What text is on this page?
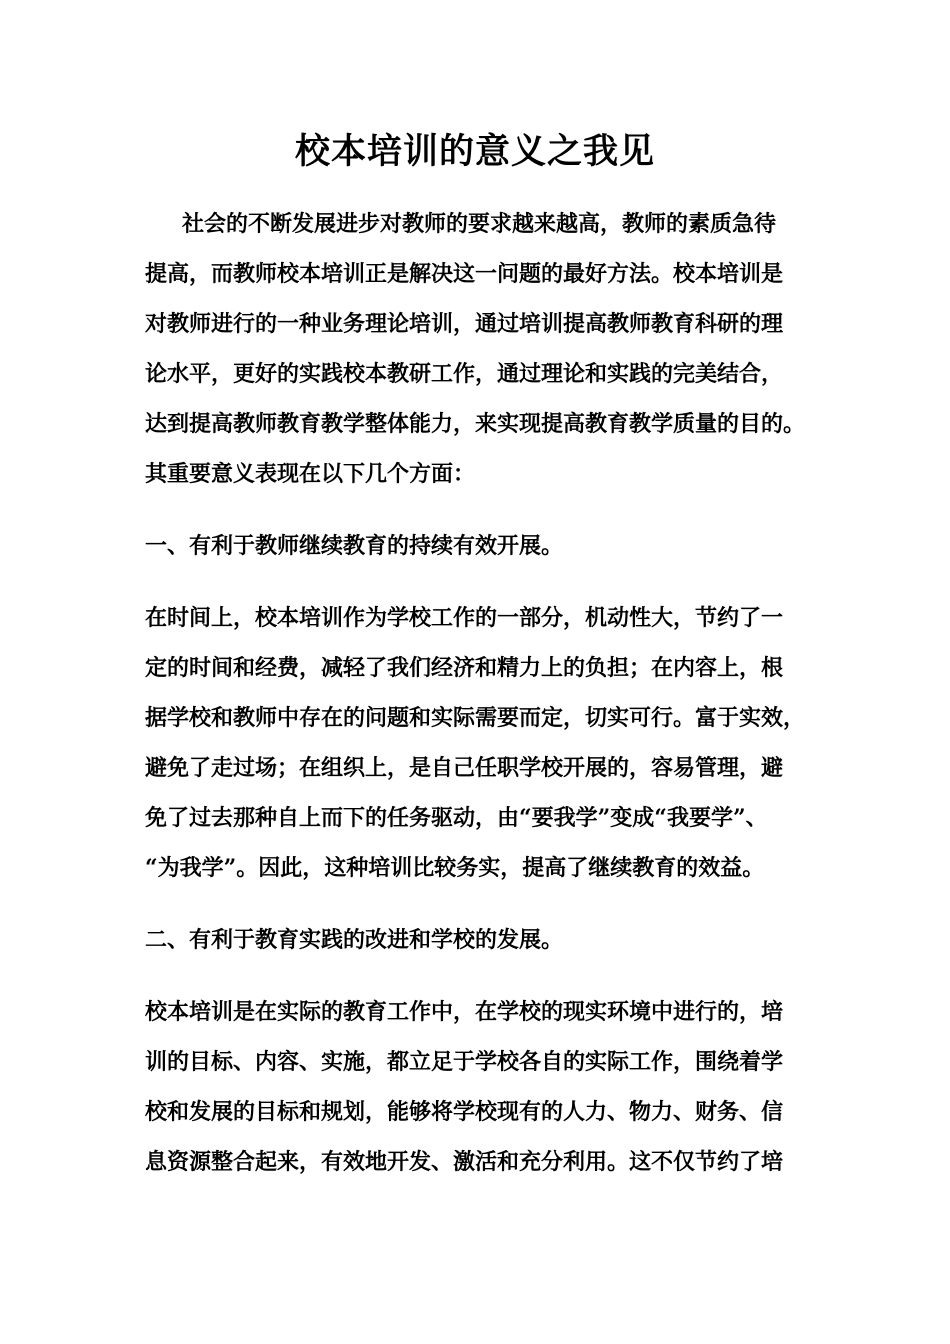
校本培训的意义之我见
社会的不断发展进步对教师的要求越来越高，教师的素质急待
提高，而教师校本培训正是解决这一问题的最好方法。校本培训是
对教师进行的一种业务理论培训，通过培训提高教师教育科研的理
论水平，更好的实践校本教研工作，通过理论和实践的完美结合，
达到提高教师教育教学整体能力，来实现提高教育教学质量的目的。
其重要意义表现在以下几个方面：
一、有利于教师继续教育的持续有效开展。
在时间上，校本培训作为学校工作的一部分，机动性大，节约了一
定的时间和经费，减轻了我们经济和精力上的负担；在内容上，根
据学校和教师中存在的问题和实际需要而定，切实可行。富于实效，
避免了走过场；在组织上，是自己任职学校开展的，容易管理，避
免了过去那种自上而下的任务驱动，由“要我学”变成“我要学”、
“为我学”。因此，这种培训比较务实，提高了继续教育的效益。
二、有利于教育实践的改进和学校的发展。
校本培训是在实际的教育工作中，在学校的现实环境中进行的，培
训的目标、内容、实施，都立足于学校各自的实际工作，围绕着学
校和发展的目标和规划，能够将学校现有的人力、物力、财务、信
息资源整合起来，有效地开发、激活和充分利用。这不仅节约了培
